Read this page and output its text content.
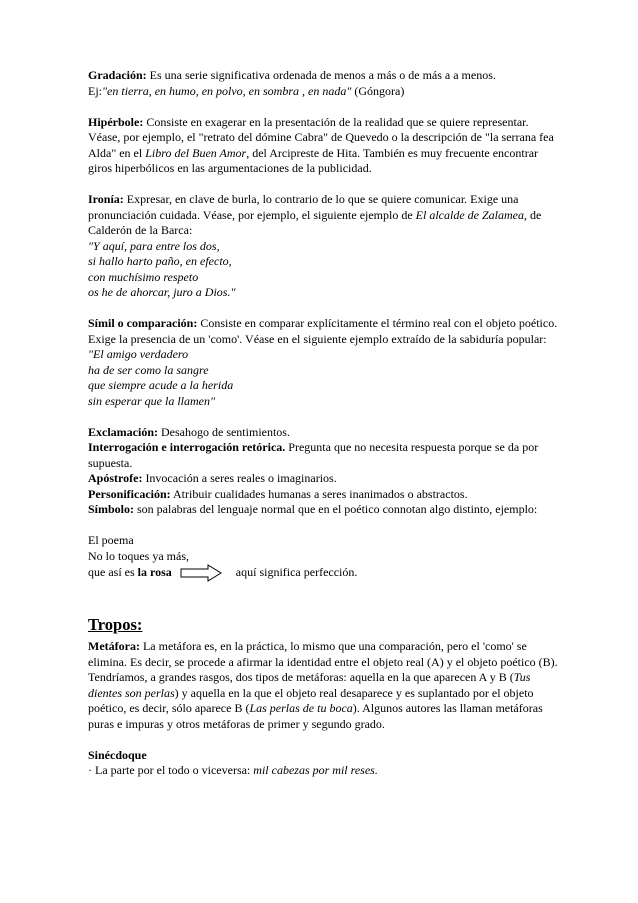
Gradación: Es una serie significativa ordenada de menos a más o de más a a menos.
Ej:"en tierra, en humo, en polvo, en sombra , en nada" (Góngora)

Hipérbole: Consiste en exagerar en la presentación de la realidad que se quiere representar. Véase, por ejemplo, el "retrato del dómine Cabra" de Quevedo o la descripción de "la serrana fea Alda" en el Libro del Buen Amor, del Arcipreste de Hita. También es muy frecuente encontrar giros hiperbólicos en las argumentaciones de la publicidad.

Ironía: Expresar, en clave de burla, lo contrario de lo que se quiere comunicar. Exige una pronunciación cuidada. Véase, por ejemplo, el siguiente ejemplo de El alcalde de Zalamea, de Calderón de la Barca:
"Y aquí, para entre los dos,
si hallo harto paño, en efecto,
con muchísimo respeto
os he de ahorcar, juro a Dios."

Símil o comparación: Consiste en comparar explícitamente el término real con el objeto poético. Exige la presencia de un 'como'. Véase en el siguiente ejemplo extraído de la sabiduría popular:
"El amigo verdadero
ha de ser como la sangre
que siempre acude a la herida
sin esperar que la llamen"

Exclamación: Desahogo de sentimientos.

Interrogación e interrogación retórica. Pregunta que no necesita respuesta porque se da por supuesta.

Apóstrofe: Invocación a seres reales o imaginarios.

Personificación: Atribuir cualidades humanas a seres inanimados o abstractos.

Símbolo: son palabras del lenguaje normal que en el poético connotan algo distinto, ejemplo:

El poema
No lo toques ya más,
que así es la rosa	aquí significa perfección.

Tropos:

Metáfora: La metáfora es, en la práctica, lo mismo que una comparación, pero el 'como' se elimina. Es decir, se procede a afirmar la identidad entre el objeto real (A) y el objeto poético (B). Tendríamos, a grandes rasgos, dos tipos de metáforas: aquella en la que aparecen A y B (Tus dientes son perlas) y aquella en la que el objeto real desaparece y es suplantado por el objeto poético, es decir, sólo aparece B (Las perlas de tu boca). Algunos autores las llaman metáforas puras e impuras y otros metáforas de primer y segundo grado.

Sinécdoque
· La parte por el todo o viceversa: mil cabezas por mil reses.
